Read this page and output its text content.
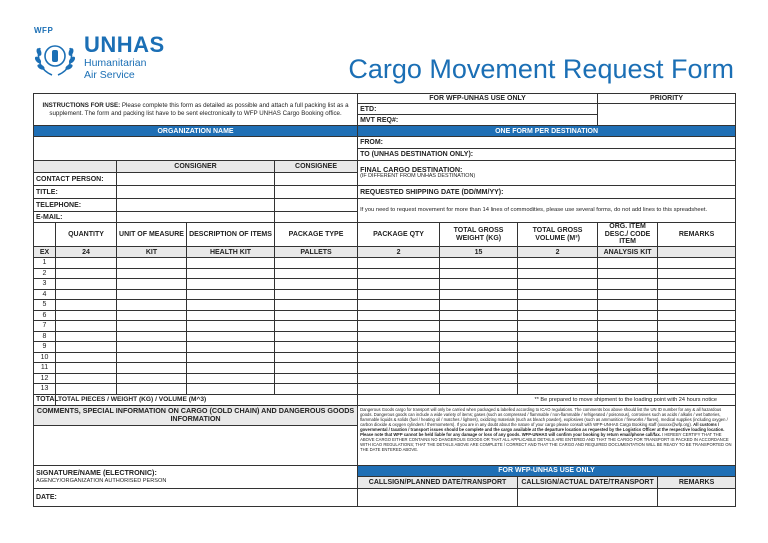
WFP
UNHAS
Humanitarian
Air Service	Cargo Movement Request Form
INSTRUCTIONS FOR USE: Please complete this form as detailed as possible and attach a full packing list as a supplement. The form and packing list have to be sent electronically to WFP UNHAS Cargo Booking office.					FOR WFP-UNHAS USE ONLY			PRIORITY	
					ETD:				
					MVT REQ#:				
ORGANIZATION NAME					ONE FORM PER DESTINATION				
					FROM:				
					TO (UNHAS DESTINATION ONLY):				
		CONSIGNER		CONSIGNEE	FINAL CARGO DESTINATION:
(IF DIFFERENT FROM UNHAS DESTINATION)				

CONTACT PERSON:									
TITLE:					REQUESTED SHIPPING DATE (DD/MM/YY):				
TELEPHONE:					If you need to request movement for more than 14 lines of commodities, please use several forms, do not add lines to this spreadsheet.				
E-MAIL:									
	QUANTITY	UNIT OF MEASURE	DESCRIPTION OF ITEMS	PACKAGE TYPE	PACKAGE QTY	TOTAL GROSS WEIGHT (KG)	TOTAL GROSS VOLUME (M³)	ORG. ITEM DESC./ CODE ITEM	REMARKS
EX	24	KIT	HEALTH KIT	PALLETS	2	15	2	ANALYSIS KIT	
1									
2									
3									
4									
5									
6									
7									
8									
9									
10									
11									
12									
13									
TOTAL	TOTAL PIECES / WEIGHT (KG) / VOLUME (M^3)				** Be prepared to move shipment to the loading point with 24 hours notice				
COMMENTS, SPECIAL INFORMATION ON CARGO (COLD CHAIN) AND DANGEROUS GOODS INFORMATION					Dangerous Goods cargo for transport will only be carried when packaged & labelled according to ICAO regulations. The comments box above should list the UN ID number for any & all hazardous goods. Dangerous goods can include a wide variety of items; gases (such as compressed / flammable / non-flammable / refrigerated / poisonous), corrosives such as acids / alkalis / wet batteries, flammable liquids & solids (fuel / heating oil / matches / lighters), oxidizing materials (such as bleach powder), explosives (such as ammunition / fireworks / flares), medical supplies (including oxygen / carbon dioxide & oxygen cylinders / thermometers). If you are in any doubt about the nature of your cargo please consult with WFP-UNHAS Cargo Booking staff (xxxxxx@wfp.org). All customs / governmental / taxation / transport issues should be complete and the cargo available at the departure location as requested by the Logistics Officer at the respective loading location. Please note that WFP cannot be held liable for any damage or loss of any goods. WFP-UNHAS will confirm your booking by return email/phone call/fax. I HEREBY CERTIFY THAT THE ABOVE CARGO EITHER CONTAINS NO DANGEROUS GOODS OR THAT ALL APPLICABLE DETAILS ARE ENTERED AND THAT THE CARGO FOR TRANSPORT IS PACKED IN ACCORDANCE WITH ICAO REGULATIONS; THAT THE DETAILS ABOVE ARE COMPLETE / CORRECT AND THAT THE CARGO AND REQUIRED DOCUMENTATION WILL BE READY TO BE TRANSPORTED ON THE DATE ENTERED ABOVE.				

SIGNATURE/NAME (ELECTRONIC):
AGENCY/ORGANIZATION AUTHORISED PERSON					FOR WFP-UNHAS USE ONLY				
					CALLSIGN/PLANNED DATE/TRANSPORT		CALLSIGN/ACTUAL DATE/TRANSPORT		REMARKS
DATE:									
